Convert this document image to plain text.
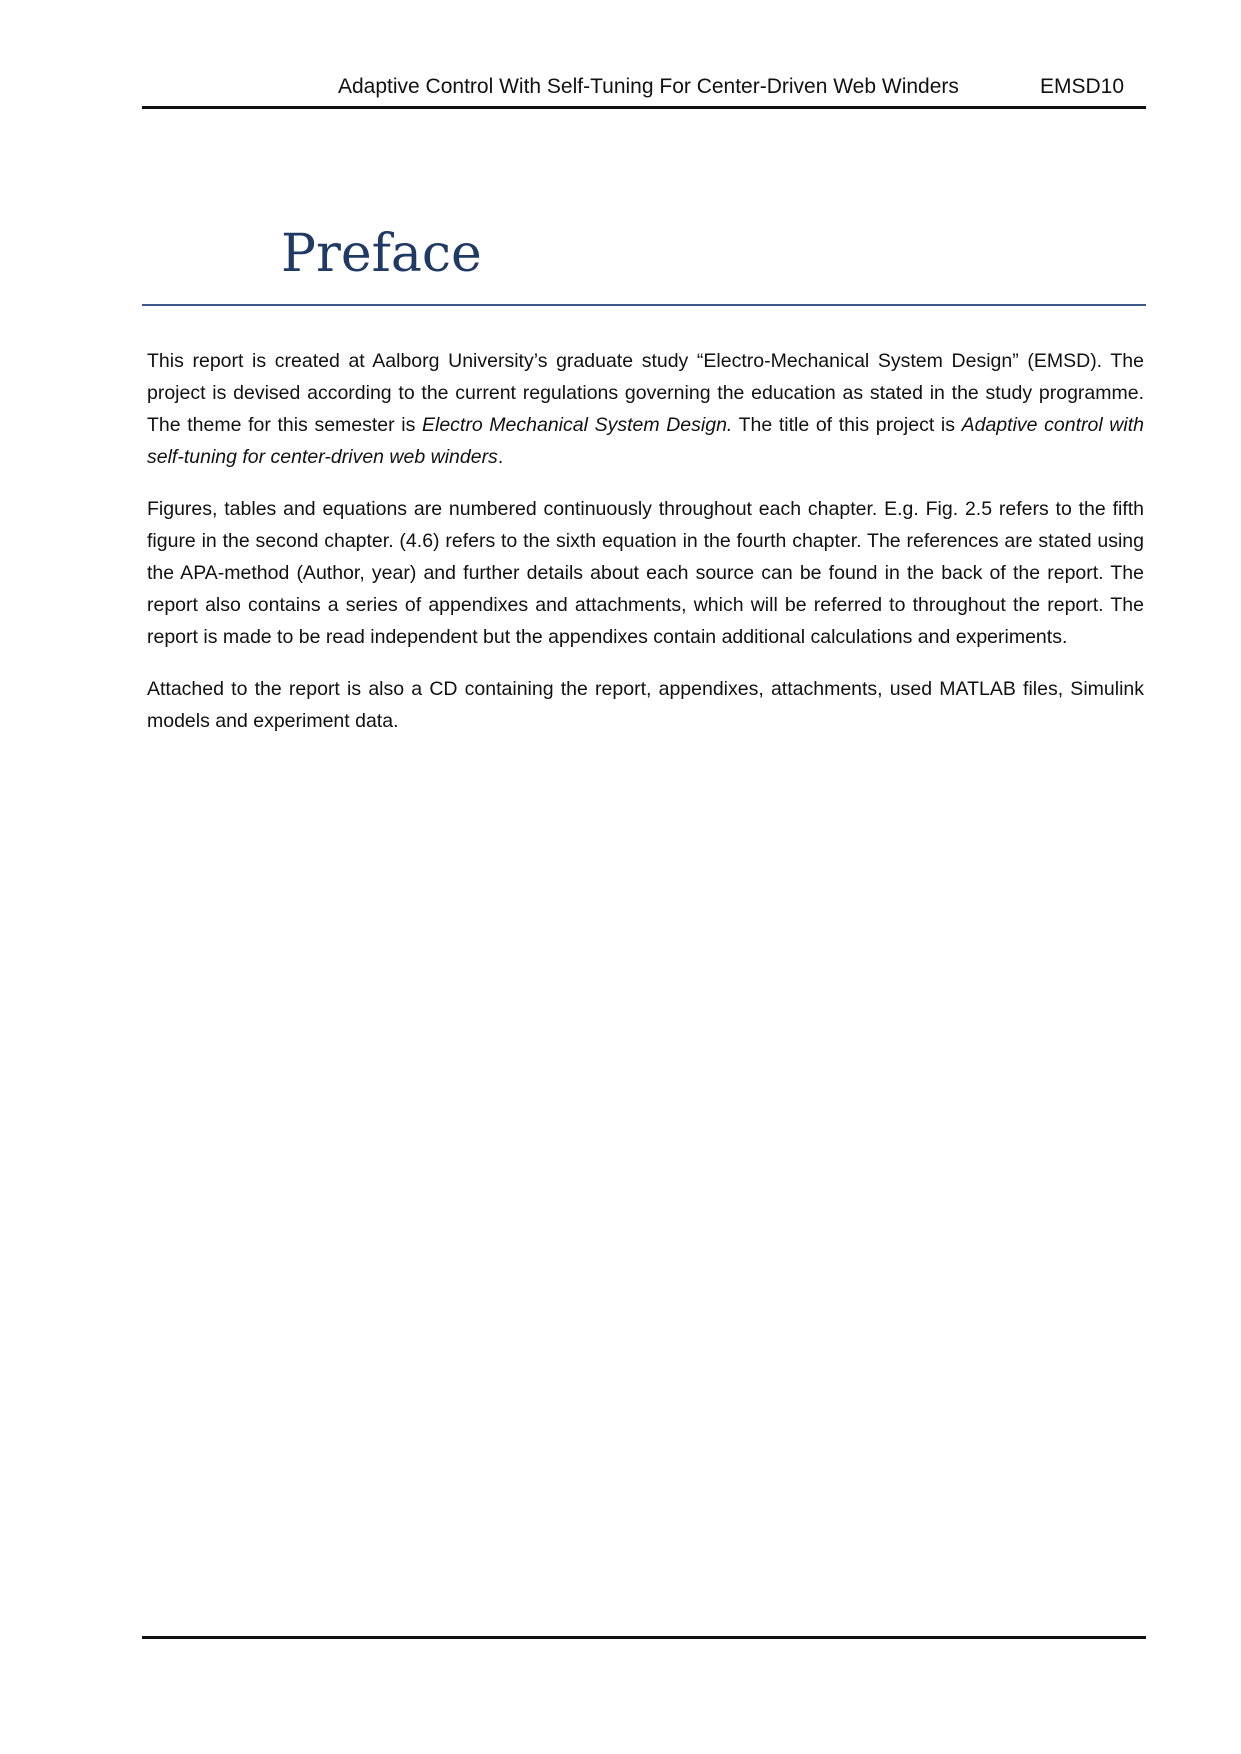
Adaptive Control With Self-Tuning For Center-Driven Web Winders	EMSD10
Preface

This report is created at Aalborg University’s graduate study “Electro-Mechanical System Design” (EMSD). The project is devised according to the current regulations governing the education as stated in the study programme. The theme for this semester is Electro Mechanical System Design. The title of this project is Adaptive control with self-tuning for center-driven web winders.

Figures, tables and equations are numbered continuously throughout each chapter. E.g. Fig. 2.5 refers to the fifth figure in the second chapter. (4.6) refers to the sixth equation in the fourth chapter. The references are stated using the APA-method (Author, year) and further details about each source can be found in the back of the report. The report also contains a series of appendixes and attachments, which will be referred to throughout the report. The report is made to be read independent but the appendixes contain additional calculations and experiments.

Attached to the report is also a CD containing the report, appendixes, attachments, used MATLAB files, Simulink models and experiment data.
